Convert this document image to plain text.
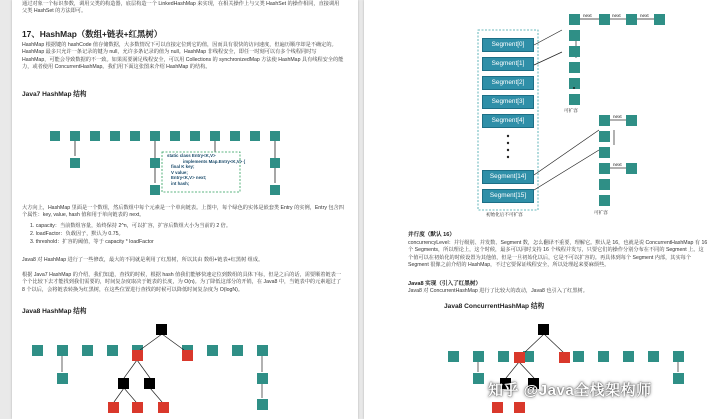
通过对象一个标识参数，调用父类的构造器，底层构造一个 LinkedHashMap 来实现，在相关操作上与父类 HashSet 的操作相同，直接调用父类 HashSet 的方法即可。
17、HashMap（数组+链表+红黑树）
HashMap 根据键的 hashCode 值存储数据，大多数情况下可以直接定位到它的值，因而具有很快的访问速度，但遍历顺序却是不确定的。HashMap 最多只允许一条记录的键为 null，允许多条记录的值为 null。HashMap 非线程安全，即任一时刻可以有多个线程同时写 HashMap，可能会导致数据的不一致。如果需要满足线程安全，可以用 Collections 的 synchronizedMap 方法使 HashMap 具有线程安全的能力，或者使用 ConcurrentHashMap。我们用下面这张图来介绍 HashMap 的结构。
Java7 HashMap 结构
static class Entry<K,V>
implements Map.Entry<K,V> {
final K key;
V value;
Entry<K,V> next;
int hash;
大方向上，HashMap 里面是一个数组，然后数组中每个元素是一个单向链表。上图中，每个绿色的实体是嵌套类 Entry 的实例，Entry 包含四个属性：key, value, hash 值和用于单向链表的 next。
1. capacity：当前数组容量，始终保持 2^n，可以扩容，扩容后数组大小为当前的 2 倍。
2. loadFactor：负载因子，默认为 0.75。
3. threshold：扩容的阈值，等于 capacity * loadFactor
Java8 对 HashMap 进行了一些修改，最大的不同就是利用了红黑树，所以其由 数组+链表+红黑树 组成。
根据 Java7 HashMap 的介绍，我们知道，查找的时候，根据 hash 值我们能够快速定位到数组的具体下标，但是之后的话，需要顺着链表一个个比较下去才能找到我们需要的，时间复杂度取决于链表的长度，为 O(n)。为了降低这部分的开销，在 Java8 中，当链表中的元素超过了 8 个以后，会将链表转换为红黑树，在这些位置进行查找的时候可以降低时间复杂度为 O(logN)。
Java8 HashMap 结构
Segment[0]
Segment[1]
Segment[2]
Segment[3]
Segment[4]
Segment[14]
Segment[15]
next	next	next
next
next
可扩容
可扩容
初始化后不可扩容
并行度（默认 16）
concurrencyLevel：并行级别、并发数、Segment 数，怎么翻译不重要，理解它。默认是 16，也就是说 ConcurrentHashMap 有 16 个 Segments，所以理论上，这个时候，最多可以同时支持 16 个线程并发写，只要它们的操作分别分布在不同的 Segment 上。这个值可以在初始化的时候设置为其他值，但是一旦初始化以后，它是不可以扩容的。再具体到每个 Segment 内部，其实每个 Segment 很像之前介绍的 HashMap，不过它要保证线程安全，所以处理起来要麻烦些。
Java8 实现（引入了红黑树）
Java8 对 ConcurrentHashMap 进行了比较大的改动，Java8 也引入了红黑树。
Java8 ConcurrentHashMap 结构
知乎 @Java全栈架构师
